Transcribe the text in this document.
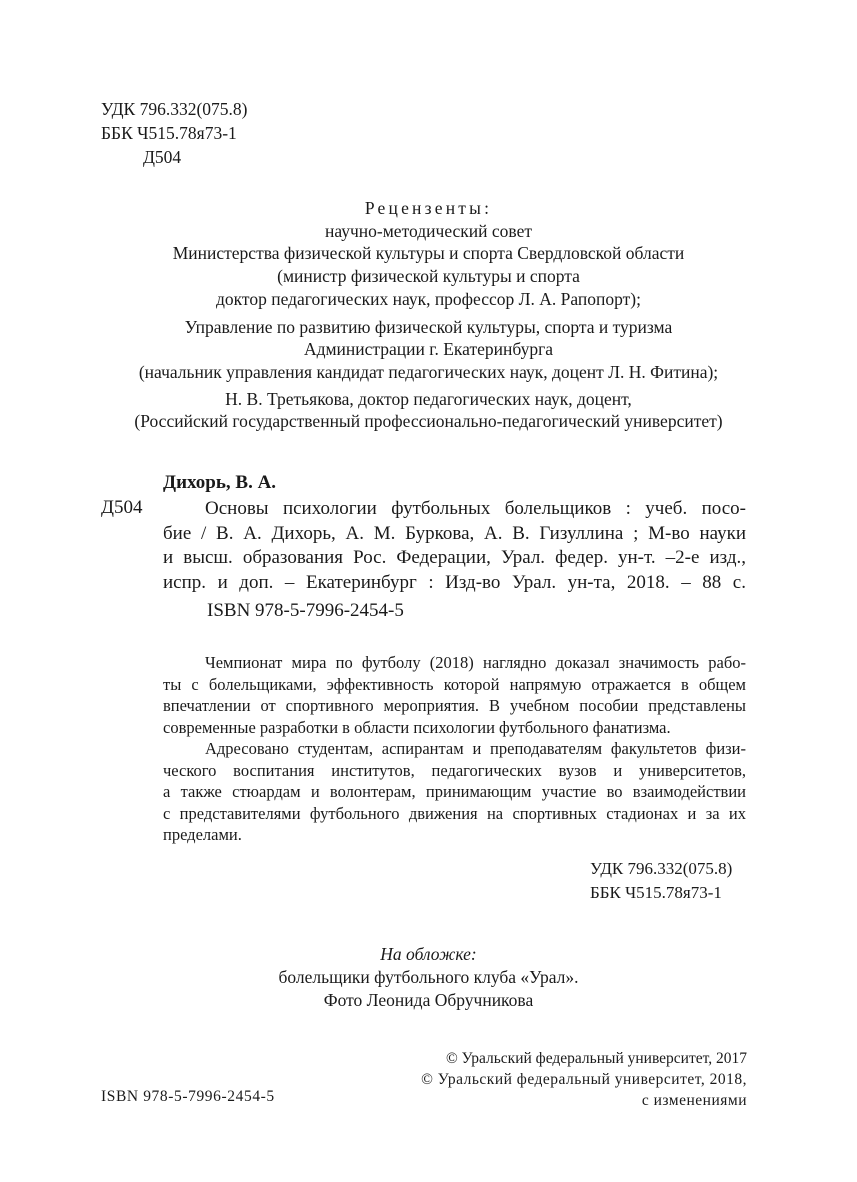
УДК 796.332(075.8)
ББК Ч515.78я73-1
Д504
Рецензенты:
научно-методический совет
Министерства физической культуры и спорта Свердловской области
(министр физической культуры и спорта
доктор педагогических наук, профессор Л. А. Рапопорт);
Управление по развитию физической культуры, спорта и туризма
Администрации г. Екатеринбурга
(начальник управления кандидат педагогических наук, доцент Л. Н. Фитина);
Н. В. Третьякова, доктор педагогических наук, доцент,
(Российский государственный профессионально-педагогический университет)
Дихорь, В. А.
Д504	Основы психологии футбольных болельщиков : учеб. посо-
бие / В. А. Дихорь, А. М. Буркова, А. В. Гизуллина ; М-во науки
и высш. образования Рос. Федерации, Урал. федер. ун-т. –2-е изд.,
испр. и доп. – Екатеринбург : Изд-во Урал. ун-та, 2018. – 88 с.
ISBN 978-5-7996-2454-5
Чемпионат мира по футболу (2018) наглядно доказал значимость рабо-
ты с болельщиками, эффективность которой напрямую отражается в общем
впечатлении от спортивного мероприятия. В учебном пособии представлены
современные разработки в области психологии футбольного фанатизма.
Адресовано студентам, аспирантам и преподавателям факультетов физи-
ческого воспитания институтов, педагогических вузов и университетов,
а также стюардам и волонтерам, принимающим участие во взаимодействии
с представителями футбольного движения на спортивных стадионах и за их
пределами.
УДК 796.332(075.8)
ББК Ч515.78я73-1
На обложке:
болельщики футбольного клуба «Урал».
Фото Леонида Обручникова
© Уральский федеральный университет, 2017
© Уральский федеральный университет, 2018,
с изменениями
ISBN 978-5-7996-2454-5
